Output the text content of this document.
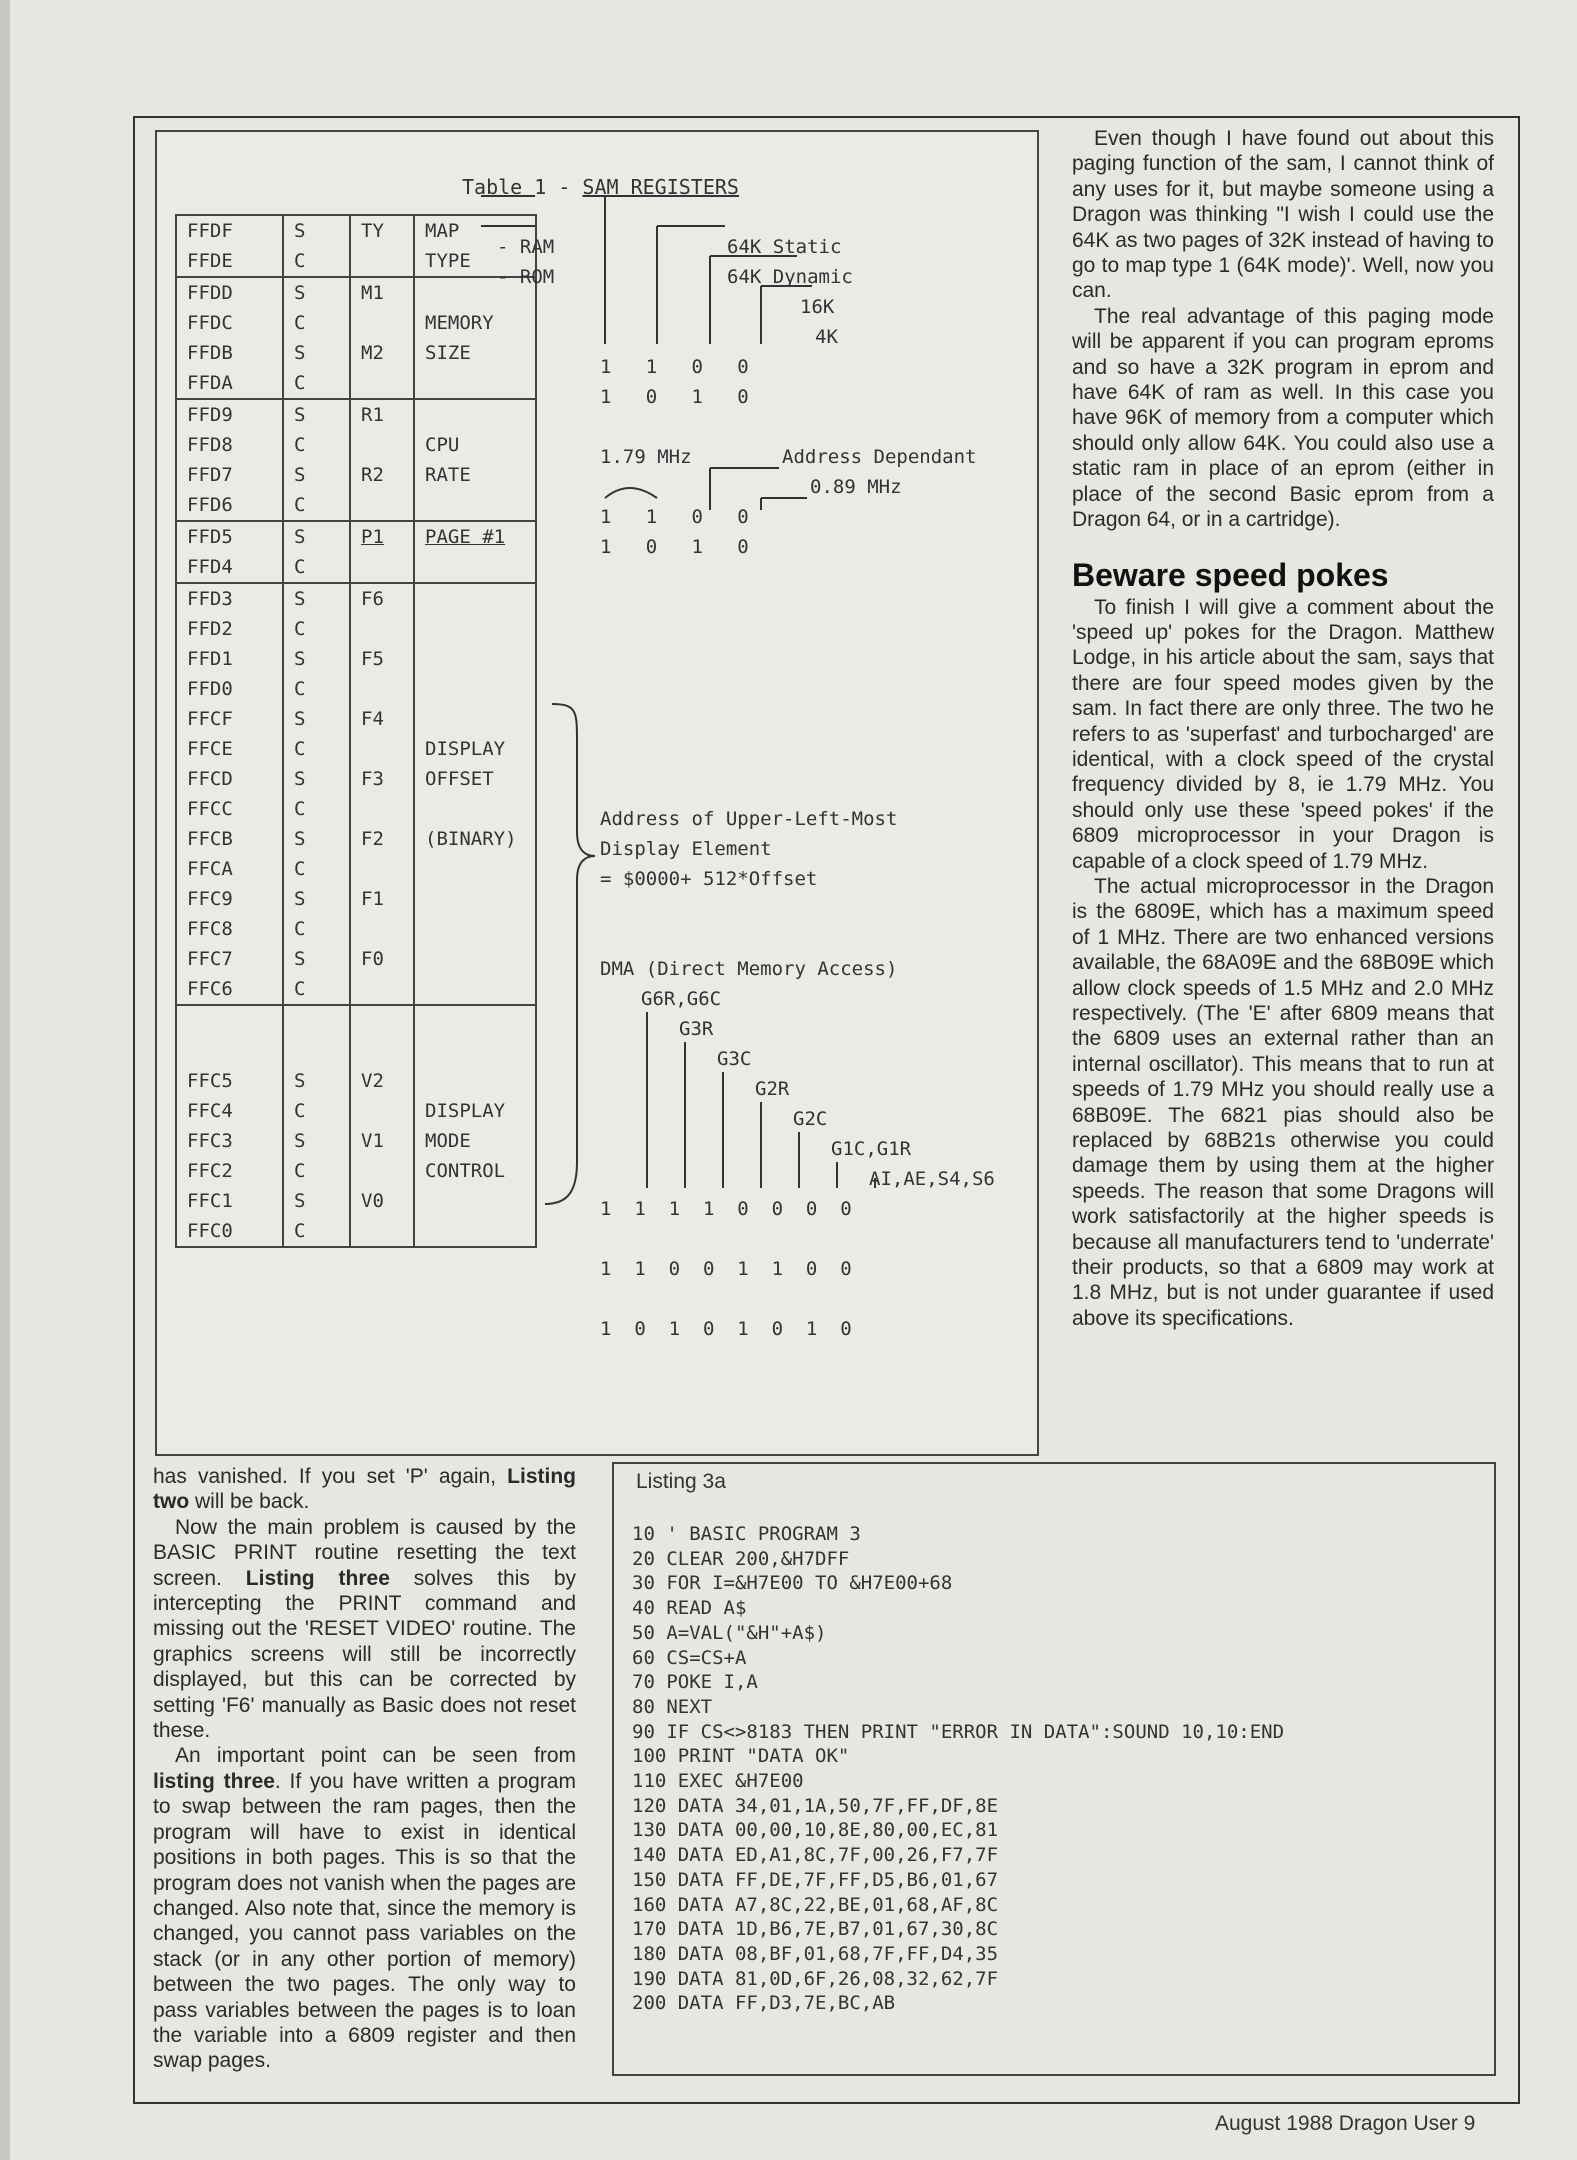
Table 1 - SAM REGISTERS
FFDF	S	TY	MAP
FFDE	C		TYPE
FFDD	S	M1	
FFDC	C		MEMORY
FFDB	S	M2	SIZE
FFDA	C		
FFD9	S	R1	
FFD8	C		CPU
FFD7	S	R2	RATE
FFD6	C		
FFD5	S	P1	PAGE #1
FFD4	C		
FFD3	S	F6	
FFD2	C		
FFD1	S	F5	
FFD0	C		
FFCF	S	F4	
FFCE	C		DISPLAY
FFCD	S	F3	OFFSET
FFCC	C		
FFCB	S	F2	(BINARY)
FFCA	C		
FFC9	S	F1	
FFC8	C		
FFC7	S	F0	
FFC6	C		

FFC5	S	V2	
FFC4	C		DISPLAY
FFC3	S	V1	MODE
FFC2	C		CONTROL
FFC1	S	V0	
FFC0	C		
- RAM
- ROM
64K Static
64K Dynamic
16K
4K
1   1   0   0
1   0   1   0
1.79 MHz	Address Dependant
0.89 MHz
1   1   0   0
1   0   1   0
Address of Upper-Left-Most
Display Element
= $0000+ 512*Offset
DMA (Direct Memory Access)
G6R,G6C
G3R
G3C
G2R
G2C
G1C,G1R
AI,AE,S4,S6
1  1  1  1  0  0  0  0
1  1  0  0  1  1  0  0
1  0  1  0  1  0  1  0

Even though I have found out about this paging function of the sam, I cannot think of any uses for it, but maybe someone using a Dragon was thinking "I wish I could use the 64K as two pages of 32K instead of having to go to map type 1 (64K mode)'. Well, now you can.

The real advantage of this paging mode will be apparent if you can program eproms and so have a 32K program in eprom and have 64K of ram as well. In this case you have 96K of memory from a computer which should only allow 64K. You could also use a static ram in place of an eprom (either in place of the second Basic eprom from a Dragon 64, or in a cartridge).

Beware speed pokes

To finish I will give a comment about the 'speed up' pokes for the Dragon. Matthew Lodge, in his article about the sam, says that there are four speed modes given by the sam. In fact there are only three. The two he refers to as 'superfast' and turbocharged' are identical, with a clock speed of the crystal frequency divided by 8, ie 1.79 MHz. You should only use these 'speed pokes' if the 6809 microprocessor in your Dragon is capable of a clock speed of 1.79 MHz.

The actual microprocessor in the Dragon is the 6809E, which has a maximum speed of 1 MHz. There are two enhanced versions available, the 68A09E and the 68B09E which allow clock speeds of 1.5 MHz and 2.0 MHz respectively. (The 'E' after 6809 means that the 6809 uses an external rather than an internal oscillator). This means that to run at speeds of 1.79 MHz you should really use a 68B09E. The 6821 pias should also be replaced by 68B21s otherwise you could damage them by using them at the higher speeds. The reason that some Dragons will work satisfactorily at the higher speeds is because all manufacturers tend to 'underrate' their products, so that a 6809 may work at 1.8 MHz, but is not under guarantee if used above its specifications.

has vanished. If you set 'P' again, Listing two will be back.

Now the main problem is caused by the BASIC PRINT routine resetting the text screen. Listing three solves this by intercepting the PRINT command and missing out the 'RESET VIDEO' routine. The graphics screens will still be incorrectly displayed, but this can be corrected by setting 'F6' manually as Basic does not reset these.

An important point can be seen from listing three. If you have written a program to swap between the ram pages, then the program will have to exist in identical positions in both pages. This is so that the program does not vanish when the pages are changed. Also note that, since the memory is changed, you cannot pass variables on the stack (or in any other portion of memory) between the two pages. The only way to pass variables between the pages is to loan the variable into a 6809 register and then swap pages.

Listing 3a
10 ' BASIC PROGRAM 3
20 CLEAR 200,&H7DFF
30 FOR I=&H7E00 TO &H7E00+68
40 READ A$
50 A=VAL("&H"+A$)
60 CS=CS+A
70 POKE I,A
80 NEXT
90 IF CS<>8183 THEN PRINT "ERROR IN DATA":SOUND 10,10:END
100 PRINT "DATA OK"
110 EXEC &H7E00
120 DATA 34,01,1A,50,7F,FF,DF,8E
130 DATA 00,00,10,8E,80,00,EC,81
140 DATA ED,A1,8C,7F,00,26,F7,7F
150 DATA FF,DE,7F,FF,D5,B6,01,67
160 DATA A7,8C,22,BE,01,68,AF,8C
170 DATA 1D,B6,7E,B7,01,67,30,8C
180 DATA 08,BF,01,68,7F,FF,D4,35
190 DATA 81,0D,6F,26,08,32,62,7F
200 DATA FF,D3,7E,BC,AB
August 1988 Dragon User 9
